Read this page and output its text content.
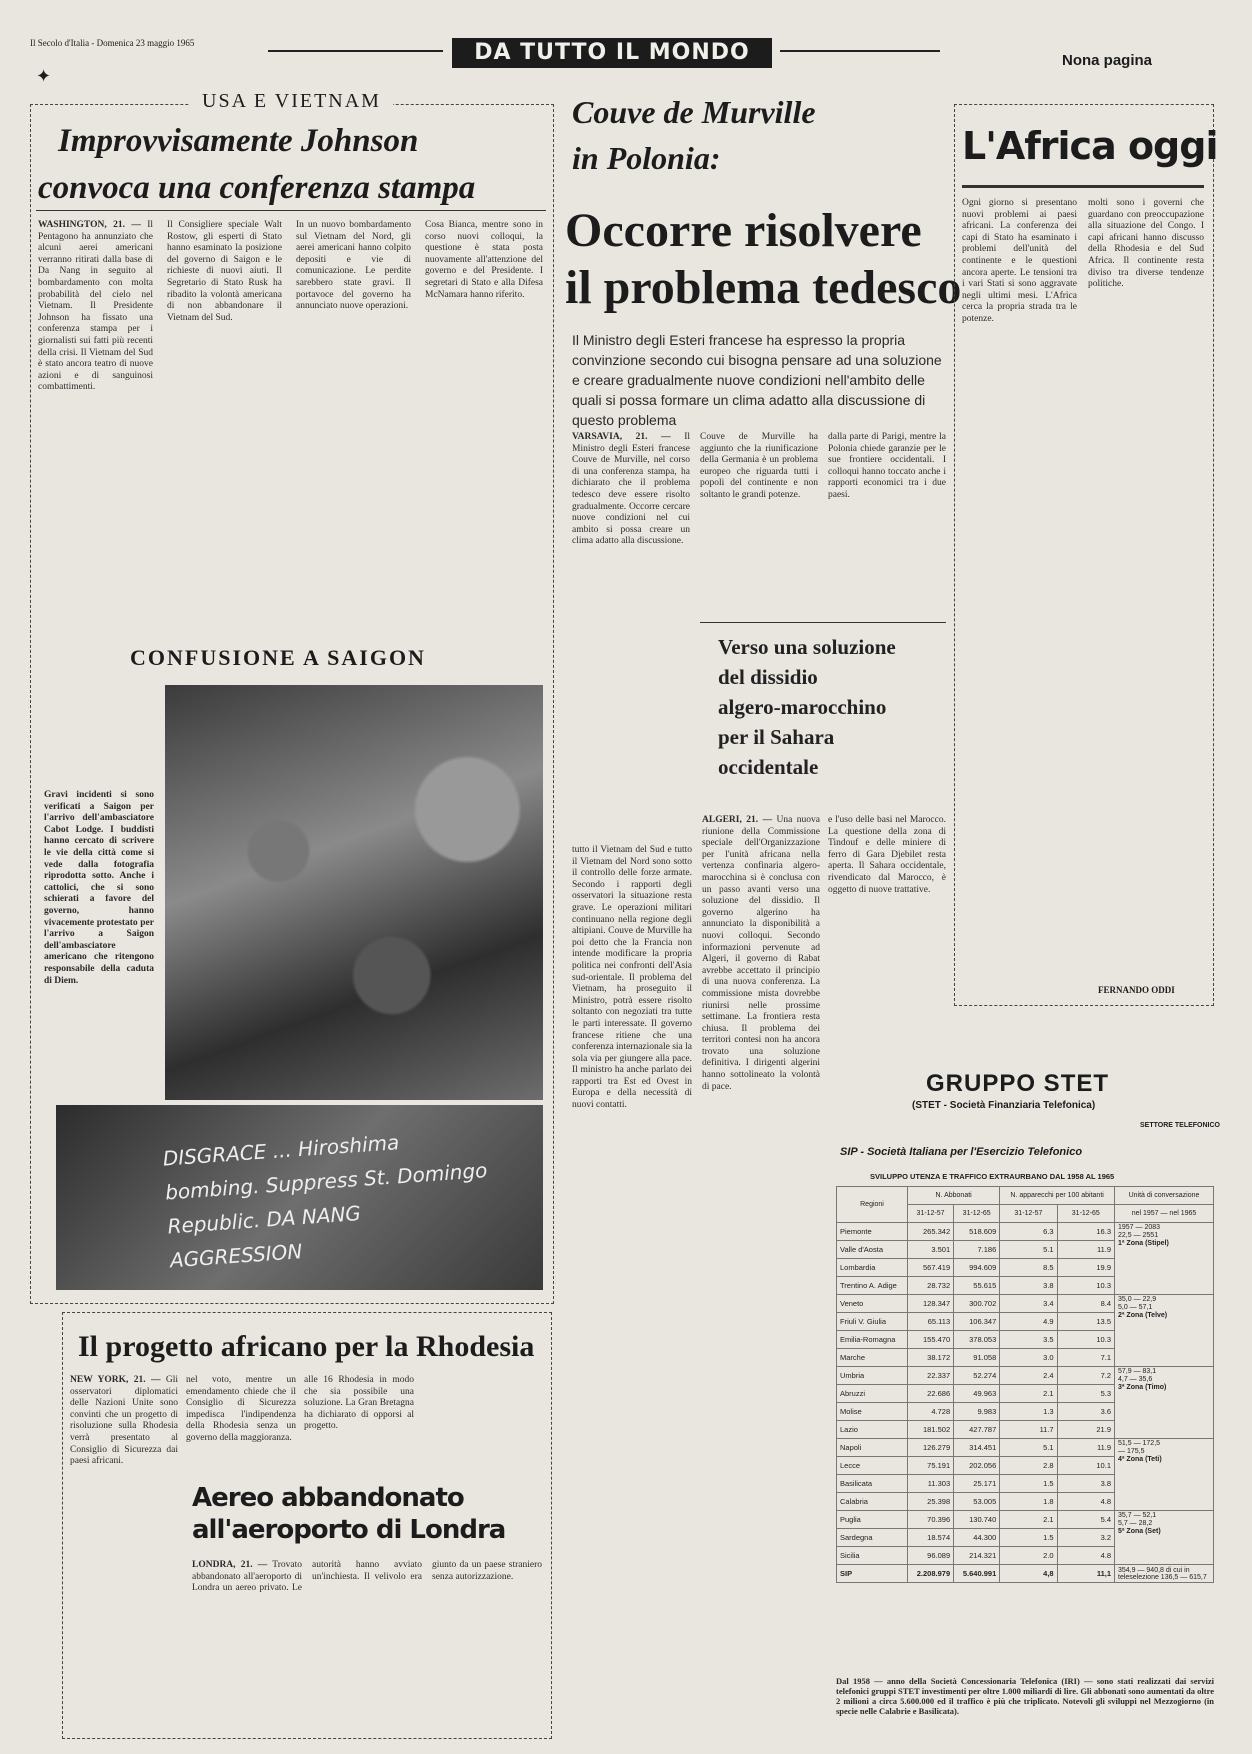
Il Secolo d'Italia - Domenica 23 maggio 1965	DA TUTTO IL MONDO	Nona pagina
✦
USA E VIETNAM
Improvvisamente Johnson
convoca una conferenza stampa
WASHINGTON, 21. — Il Pentagono ha annunziato che alcuni aerei americani verranno ritirati dalla base di Da Nang in seguito al bombardamento con molta probabilità del cielo nel Vietnam. Il Presidente Johnson ha fissato una conferenza stampa per i giornalisti sui fatti più recenti della crisi. Il Vietnam del Sud è stato ancora teatro di nuove azioni e di sanguinosi combattimenti.
Il Consigliere speciale Walt Rostow, gli esperti di Stato hanno esaminato la posizione del governo di Saigon e le richieste di nuovi aiuti. Il Segretario di Stato Rusk ha ribadito la volontà americana di non abbandonare il Vietnam del Sud.
In un nuovo bombardamento sul Vietnam del Nord, gli aerei americani hanno colpito depositi e vie di comunicazione. Le perdite sarebbero state gravi. Il portavoce del governo ha annunciato nuove operazioni.
Cosa Bianca, mentre sono in corso nuovi colloqui, la questione è stata posta nuovamente all'attenzione del governo e del Presidente. I segretari di Stato e alla Difesa McNamara hanno riferito.
CONFUSIONE A SAIGON
Gravi incidenti si sono verificati a Saigon per l'arrivo dell'ambasciatore Cabot Lodge. I buddisti hanno cercato di scrivere le vie della città come si vede dalla fotografia riprodotta sotto. Anche i cattolici, che si sono schierati a favore del governo, hanno vivacemente protestato per l'arrivo a Saigon dell'ambasciatore americano che ritengono responsabile della caduta di Diem.
DISGRACE ... Hiroshima bombing. Suppress St. Domingo Republic. DA NANG AGGRESSION
Couve de Murville
in Polonia:
Occorre risolvere
il problema tedesco
Il Ministro degli Esteri francese ha espresso la propria convinzione secondo cui bisogna pensare ad una soluzione e creare gradualmente nuove condizioni nell'ambito delle quali si possa formare un clima adatto alla discussione di questo problema
VARSAVIA, 21. — Il Ministro degli Esteri francese Couve de Murville, nel corso di una conferenza stampa, ha dichiarato che il problema tedesco deve essere risolto gradualmente. Occorre cercare nuove condizioni nel cui ambito si possa creare un clima adatto alla discussione.
Couve de Murville ha aggiunto che la riunificazione della Germania è un problema europeo che riguarda tutti i popoli del continente e non soltanto le grandi potenze.
dalla parte di Parigi, mentre la Polonia chiede garanzie per le sue frontiere occidentali. I colloqui hanno toccato anche i rapporti economici tra i due paesi.
tutto il Vietnam del Sud e tutto il Vietnam del Nord sono sotto il controllo delle forze armate. Secondo i rapporti degli osservatori la situazione resta grave. Le operazioni militari continuano nella regione degli altipiani. Couve de Murville ha poi detto che la Francia non intende modificare la propria politica nei confronti dell'Asia sud-orientale. Il problema del Vietnam, ha proseguito il Ministro, potrà essere risolto soltanto con negoziati tra tutte le parti interessate. Il governo francese ritiene che una conferenza internazionale sia la sola via per giungere alla pace. Il ministro ha anche parlato dei rapporti tra Est ed Ovest in Europa e della necessità di nuovi contatti.
Verso una soluzione
del dissidio
algero-marocchino
per il Sahara
occidentale
ALGERI, 21. — Una nuova riunione della Commissione speciale dell'Organizzazione per l'unità africana nella vertenza confinaria algero-marocchina si è conclusa con un passo avanti verso una soluzione del dissidio. Il governo algerino ha annunciato la disponibilità a nuovi colloqui. Secondo informazioni pervenute ad Algeri, il governo di Rabat avrebbe accettato il principio di una nuova conferenza. La commissione mista dovrebbe riunirsi nelle prossime settimane. La frontiera resta chiusa. Il problema dei territori contesi non ha ancora trovato una soluzione definitiva. I dirigenti algerini hanno sottolineato la volontà di pace.
e l'uso delle basi nel Marocco. La questione della zona di Tindouf e delle miniere di ferro di Gara Djebilet resta aperta. Il Sahara occidentale, rivendicato dal Marocco, è oggetto di nuove trattative.
L'Africa oggi
Ogni giorno si presentano nuovi problemi ai paesi africani. La conferenza dei capi di Stato ha esaminato i problemi dell'unità del continente e le questioni ancora aperte. Le tensioni tra i vari Stati si sono aggravate negli ultimi mesi. L'Africa cerca la propria strada tra le potenze.
molti sono i governi che guardano con preoccupazione alla situazione del Congo. I capi africani hanno discusso della Rhodesia e del Sud Africa. Il continente resta diviso tra diverse tendenze politiche.
FERNANDO ODDI
Il progetto africano per la Rhodesia
NEW YORK, 21. — Gli osservatori diplomatici delle Nazioni Unite sono convinti che un progetto di risoluzione sulla Rhodesia verrà presentato al Consiglio di Sicurezza dai paesi africani.
nel voto, mentre un emendamento chiede che il Consiglio di Sicurezza impedisca l'indipendenza della Rhodesia senza un governo della maggioranza.
alle 16 Rhodesia in modo che sia possibile una soluzione. La Gran Bretagna ha dichiarato di opporsi al progetto.
Aereo abbandonato
all'aeroporto di Londra
LONDRA, 21. — Trovato abbandonato all'aeroporto di Londra un aereo privato. Le autorità hanno avviato un'inchiesta. Il velivolo era giunto da un paese straniero senza autorizzazione.
GRUPPO STET
(STET - Società Finanziaria Telefonica)
SETTORE TELEFONICO
SIP - Società Italiana per l'Esercizio Telefonico
SVILUPPO UTENZA E TRAFFICO EXTRAURBANO DAL 1958 AL 1965
Regioni	N. Abbonati		N. apparecchi per 100 abitanti		Unità di conversazione
	31-12-57	31-12-65	31-12-57	31-12-65	nel 1957 — nel 1965
Piemonte	265.342	518.609	6.3	16.3	1957 — 2083
22,5 — 2551
1ª Zona (Stipel)

Valle d'Aosta	3.501	7.186	5.1	11.9	
Lombardia	567.419	994.609	8.5	19.9	
Trentino A. Adige	28.732	55.615	3.8	10.3	
Veneto	128.347	300.702	3.4	8.4	35,0 — 22,9
5,0 — 57,1
2ª Zona (Telve)

Friuli V. Giulia	65.113	106.347	4.9	13.5	
Emilia-Romagna	155.470	378.053	3.5	10.3	
Marche	38.172	91.058	3.0	7.1	
Umbria	22.337	52.274	2.4	7.2	57,9 — 83,1
4,7 — 35,6
3ª Zona (Timo)

Abruzzi	22.686	49.963	2.1	5.3	
Molise	4.728	9.983	1.3	3.6	
Lazio	181.502	427.787	11.7	21.9	
Napoli	126.279	314.451	5.1	11.9	51,5 — 172,5
— 175,5
4ª Zona (Teti)

Lecce	75.191	202.056	2.8	10.1	
Basilicata	11.303	25.171	1.5	3.8	
Calabria	25.398	53.005	1.8	4.8	
Puglia	70.396	130.740	2.1	5.4	35,7 — 52,1
5,7 — 28,2
5ª Zona (Set)

Sardegna	18.574	44.300	1.5	3.2	
Sicilia	96.089	214.321	2.0	4.8	
SIP	2.208.979	5.640.991	4,8	11,1	354,9 — 940,8 di cui in teleselezione 136,5 — 615,7
Dal 1958 — anno della Società Concessionaria Telefonica (IRI) — sono stati realizzati dai servizi telefonici gruppi STET investimenti per oltre 1.000 miliardi di lire. Gli abbonati sono aumentati da oltre 2 milioni a circa 5.600.000 ed il traffico è più che triplicato. Notevoli gli sviluppi nel Mezzogiorno (in specie nelle Calabrie e Basilicata).
